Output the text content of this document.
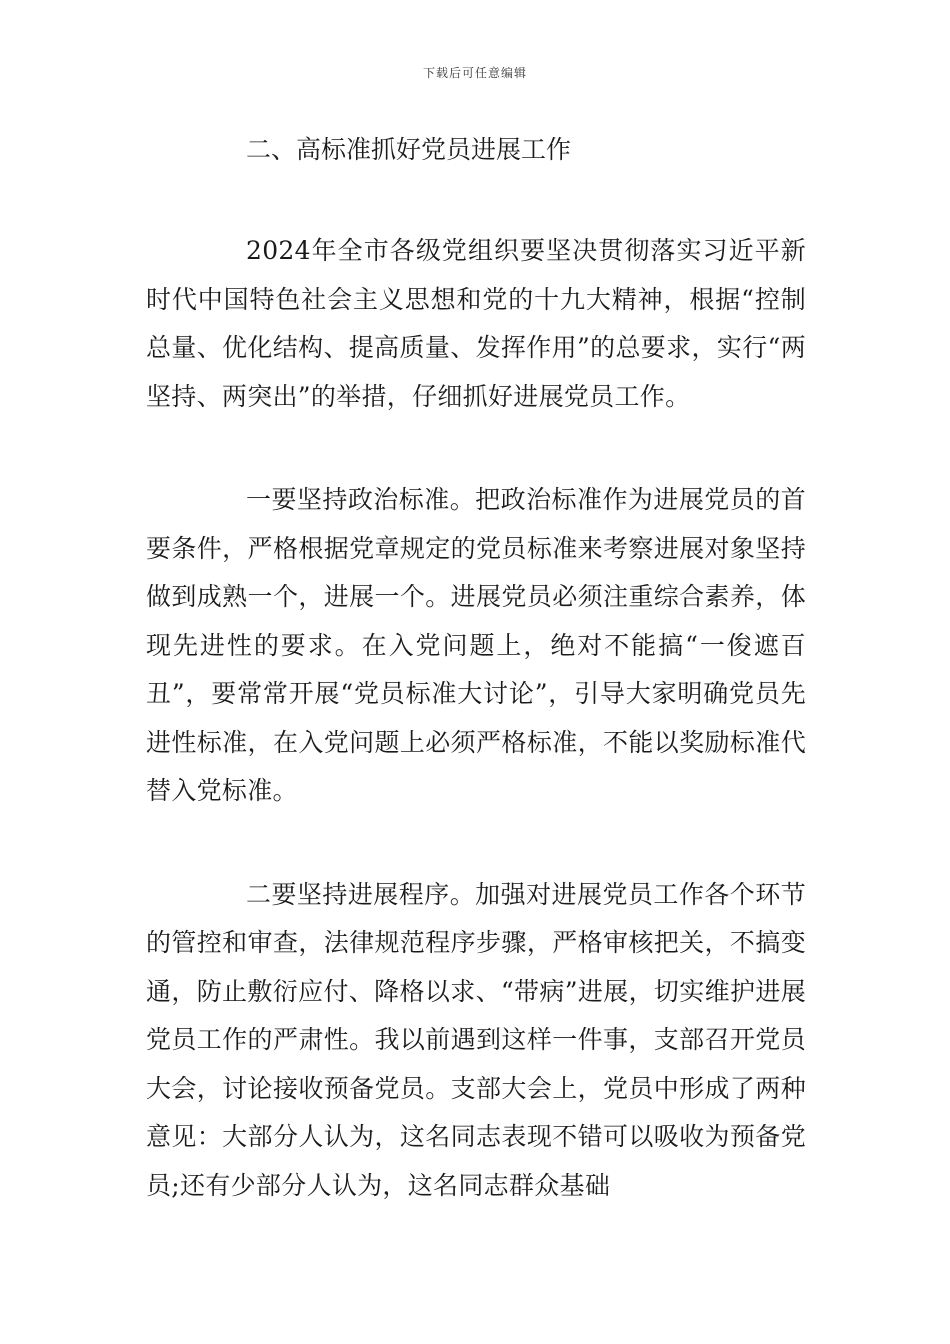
下载后可任意编辑
二、高标准抓好党员进展工作

2024年全市各级党组织要坚决贯彻落实习近平新时代中国特色社会主义思想和党的十九大精神，根据“控制总量、优化结构、提高质量、发挥作用”的总要求，实行“两坚持、两突出”的举措，仔细抓好进展党员工作。

一要坚持政治标准。把政治标准作为进展党员的首要条件，严格根据党章规定的党员标准来考察进展对象坚持做到成熟一个，进展一个。进展党员必须注重综合素养，体现先进性的要求。在入党问题上，绝对不能搞“一俊遮百丑”，要常常开展“党员标准大讨论”，引导大家明确党员先进性标准，在入党问题上必须严格标准，不能以奖励标准代替入党标准。

二要坚持进展程序。加强对进展党员工作各个环节的管控和审查，法律规范程序步骤，严格审核把关，不搞变通，防止敷衍应付、降格以求、“带病”进展，切实维护进展党员工作的严肃性。我以前遇到这样一件事，支部召开党员大会，讨论接收预备党员。支部大会上，党员中形成了两种意见：大部分人认为，这名同志表现不错可以吸收为预备党员;还有少部分人认为，这名同志群众基础
